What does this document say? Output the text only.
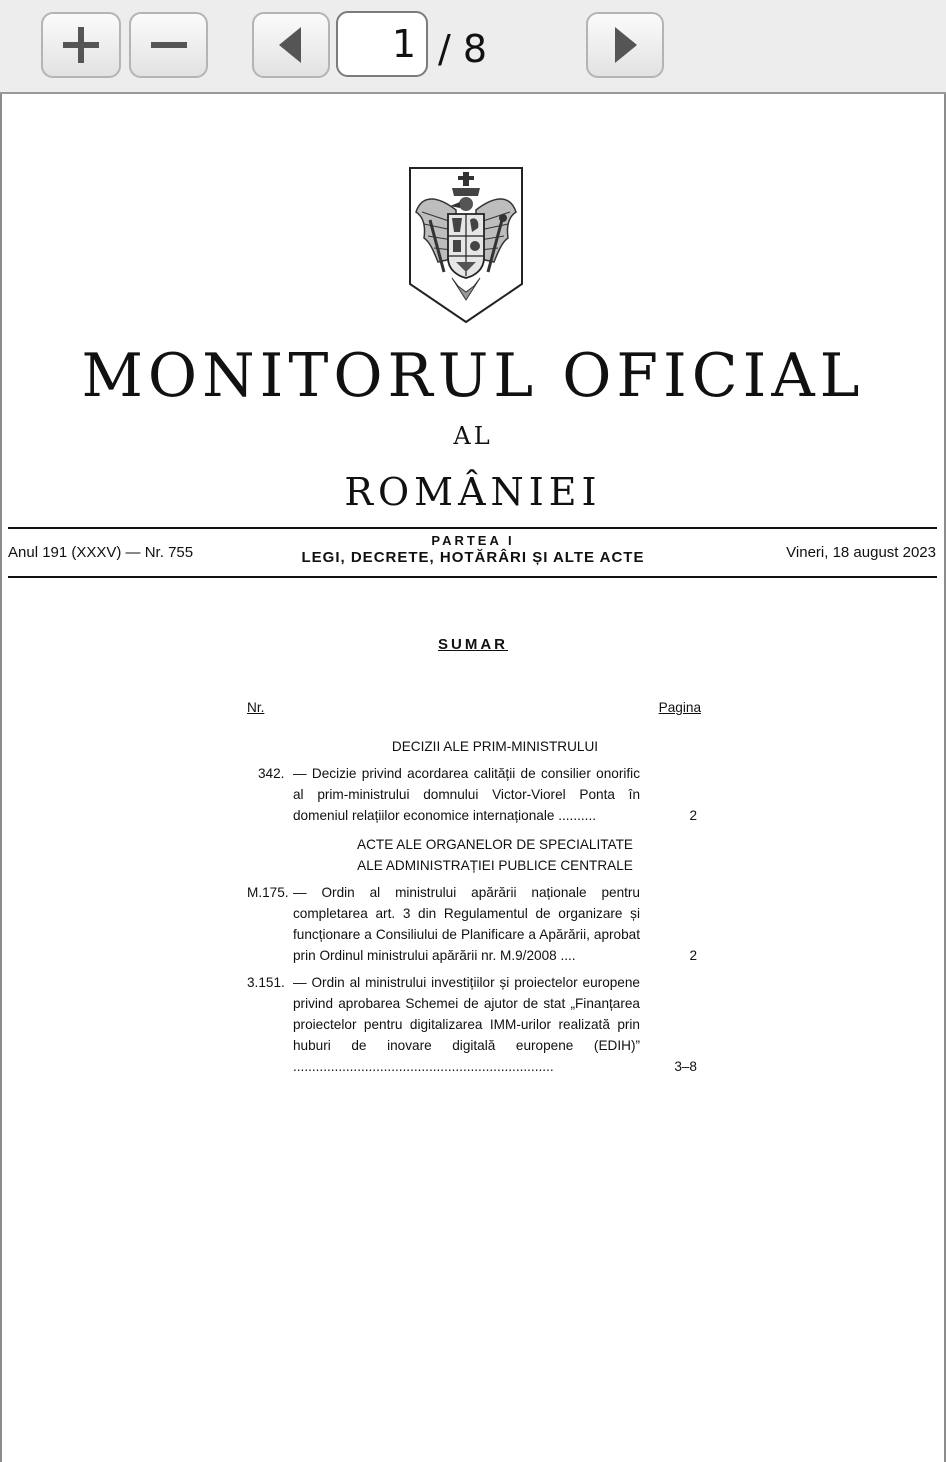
1 / 8
MONITORUL OFICIAL
AL
ROMÂNIEI
Anul 191 (XXXV) — Nr. 755
PARTEA I
LEGI, DECRETE, HOTĂRÂRI ȘI ALTE ACTE	Vineri, 18 august 2023
SUMAR
Nr.	Pagina
DECIZII ALE PRIM-MINISTRULUI
342. — Decizie privind acordarea calității de consilier onorific al prim-ministrului domnului Victor-Viorel Ponta în domeniul relațiilor economice internaționale ..........	2
ACTE ALE ORGANELOR DE SPECIALITATE
ALE ADMINISTRAȚIEI PUBLICE CENTRALE
M.175. — Ordin al ministrului apărării naționale pentru completarea art. 3 din Regulamentul de organizare și funcționare a Consiliului de Planificare a Apărării, aprobat prin Ordinul ministrului apărării nr. M.9/2008 ....	2
3.151. — Ordin al ministrului investițiilor și proiectelor europene privind aprobarea Schemei de ajutor de stat „Finanțarea proiectelor pentru digitalizarea IMM-urilor realizată prin huburi de inovare digitală europene (EDIH)” .....................................................................	3–8
